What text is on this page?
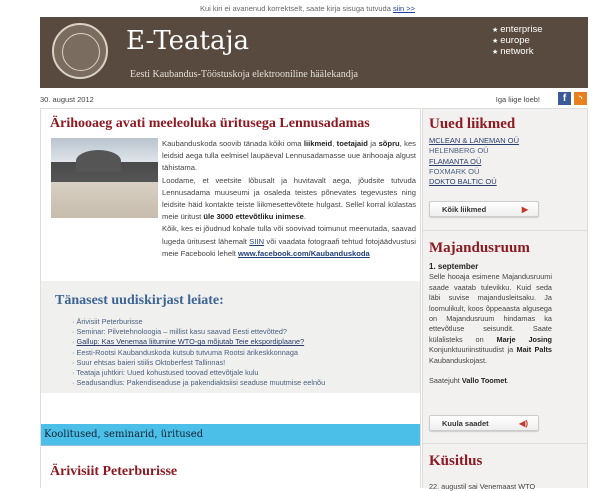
Kui kiri ei avanenud korrektselt, saate kirja sisuga tutvuda siin >>
E-Teataja
Eesti Kaubandus-Tööstuskoja elektrooniline häälekandja
★ enterprise
★ europe
★ network
30. august 2012	Iga liige loeb!	f	◝
Ärihooaeg avati meeleoluka üritusega Lennusadamas
Kaubanduskoda soovib tänada kõiki oma liikmeid, toetajaid ja sõpru, kes leidsid aega tulla eelmisel laupäeval Lennusadamasse uue ärihooaja algust tähistama.
Loodame, et veetsite lõbusalt ja huvitavalt aega, jõudsite tutvuda Lennusadama muuseumi ja osaleda teistes põnevates tegevustes ning leidsite häid kontakte teiste liikmesettevõtete hulgast. Sellel korral külastas meie üritust üle 3000 ettevõtliku inimese.
Kõik, kes ei jõudnud kohale tulla või soovivad toimunut meenutada, saavad lugeda üritusest lähemalt SIIN või vaadata fotograafi tehtud fotojäädvustusi meie Facebooki lehelt www.facebook.com/Kaubanduskoda
Tänasest uudiskirjast leiate:
· Ärivisiit Peterburisse
· Seminar: Pilvetehnoloogia – millist kasu saavad Eesti ettevõtted?
· Gallup: Kas Venemaa liitumine WTO-ga mõjutab Teie ekspordiplaane?
· Eesti-Rootsi Kaubanduskoda kutsub tutvuma Rootsi ärikeskkonnaga
· Suur ehtsas baieri stiilis Oktoberfest Tallinnas!
· Teataja juhtkiri: Uued kohustused toovad ettevõtjale kulu
· Seadusandlus: Pakendiseaduse ja pakendiaktsiisi seaduse muutmise eelnõu
Koolitused, seminarid, üritused
Ärivisiit Peterburisse
Uued liikmed
MCLEAN & LANEMAN OÜ
HELENBERG OÜ
FLAMANTA OÜ
FOXMARK OÜ
DOKTO BALTIC OÜ
Kõik liikmed	▶
Majandusruum
1. september
Selle hooaja esimene Majandusruumi saade vaatab tulevikku. Kuid seda läbi suvise majandusleitsaku. Ja loomulikult, koos õppeaasta algusega on Majandusruum hindamas ka ettevõtluse seisundit. Saate külalisteks on Marje Josing Konjunktuuriinstituudist ja Mait Palts Kaubanduskojast.

Saatejuht Vallo Toomet.
Kuula saadet	◀)
Küsitlus
22. augustil sai Venemaast WTO
